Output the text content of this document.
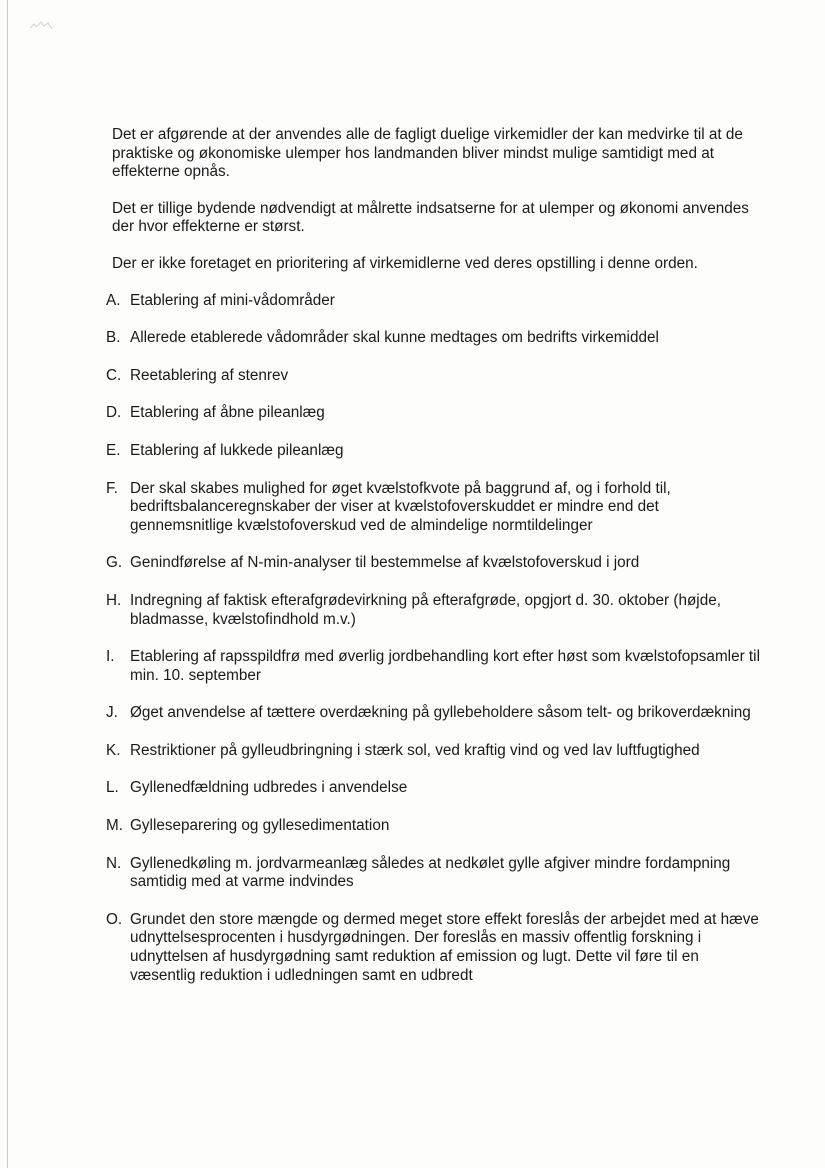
Det er afgørende at der anvendes alle de fagligt duelige virkemidler der kan medvirke til at de praktiske og økonomiske ulemper hos landmanden bliver mindst mulige samtidigt med at effekterne opnås.

Det er tillige bydende nødvendigt at målrette indsatserne for at ulemper og økonomi anvendes der hvor effekterne er størst.

Der er ikke foretaget en prioritering af virkemidlerne ved deres opstilling i denne orden.

A. Etablering af mini-vådområder
B. Allerede etablerede vådområder skal kunne medtages om bedrifts virkemiddel
C. Reetablering af stenrev
D. Etablering af åbne pileanlæg
E. Etablering af lukkede pileanlæg
F. Der skal skabes mulighed for øget kvælstofkvote på baggrund af, og i forhold til, bedriftsbalanceregnskaber der viser at kvælstofoverskuddet er mindre end det gennemsnitlige kvælstofoverskud ved de almindelige normtildelinger
G. Genindførelse af N-min-analyser til bestemmelse af kvælstofoverskud i jord
H. Indregning af faktisk efterafgrødevirkning på efterafgrøde, opgjort d. 30. oktober (højde, bladmasse, kvælstofindhold m.v.)
I.	Etablering af rapsspildfrø med øverlig jordbehandling kort efter høst som kvælstofopsamler til min. 10. september
J. Øget anvendelse af tættere overdækning på gyllebeholdere såsom telt- og brikoverdækning
K. Restriktioner på gylleudbringning i stærk sol, ved kraftig vind og ved lav luftfugtighed
L. Gyllenedfældning udbredes i anvendelse
M. Gylleseparering og gyllesedimentation
N. Gyllenedkøling m. jordvarmeanlæg således at nedkølet gylle afgiver mindre fordampning samtidig med at varme indvindes
O. Grundet den store mængde og dermed meget store effekt foreslås der arbejdet med at hæve udnyttelsesprocenten i husdyrgødningen. Der foreslås en massiv offentlig forskning i udnyttelsen af husdyrgødning samt reduktion af emission og lugt. Dette vil føre til en væsentlig reduktion i udledningen samt en udbredt
